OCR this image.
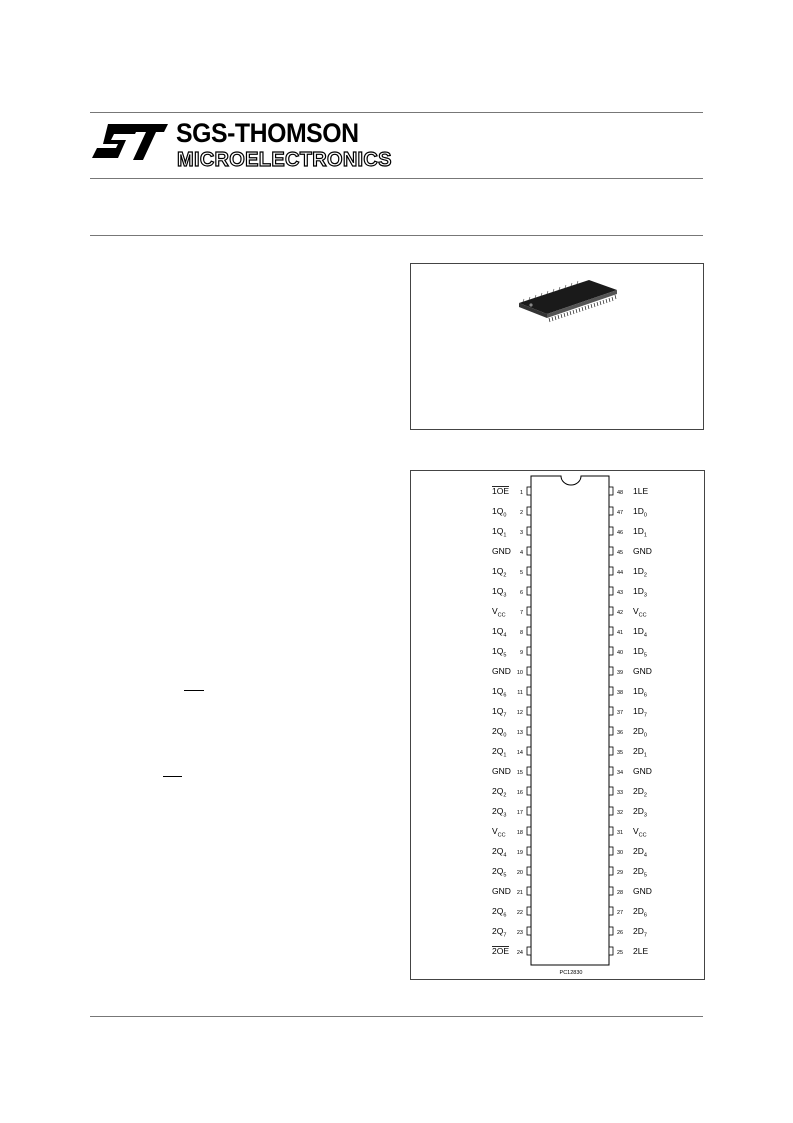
SGS-THOMSON
MICROELECTRONICS
1
1OE
2
$1Q_0$
3
$1Q_1$
4
GND
5
$1Q_2$
6
$1Q_3$
7
$V_{CC}$
8
$1Q_4$
9
$1Q_5$
10
GND
11
$1Q_6$
12
$1Q_7$
13
$2Q_0$
14
$2Q_1$
15
GND
16
$2Q_2$
17
$2Q_3$
18
$V_{CC}$
19
$2Q_4$
20
$2Q_5$
21
GND
22
$2Q_6$
23
$2Q_7$
24
2OE
48 1LE
47 $1D_0$
46 $1D_1$
45 GND
44 $1D_2$
43 $1D_3$
42 $V_{CC}$
41 $1D_4$
40 $1D_5$
39 GND
38 $1D_6$
37 $1D_7$
36 $2D_0$
35 $2D_1$
34 GND
33 $2D_2$
32 $2D_3$
31 $V_{CC}$
30 $2D_4$
29 $2D_5$
28 GND
27 $2D_6$
26 $2D_7$
25 2LE
PC12830
